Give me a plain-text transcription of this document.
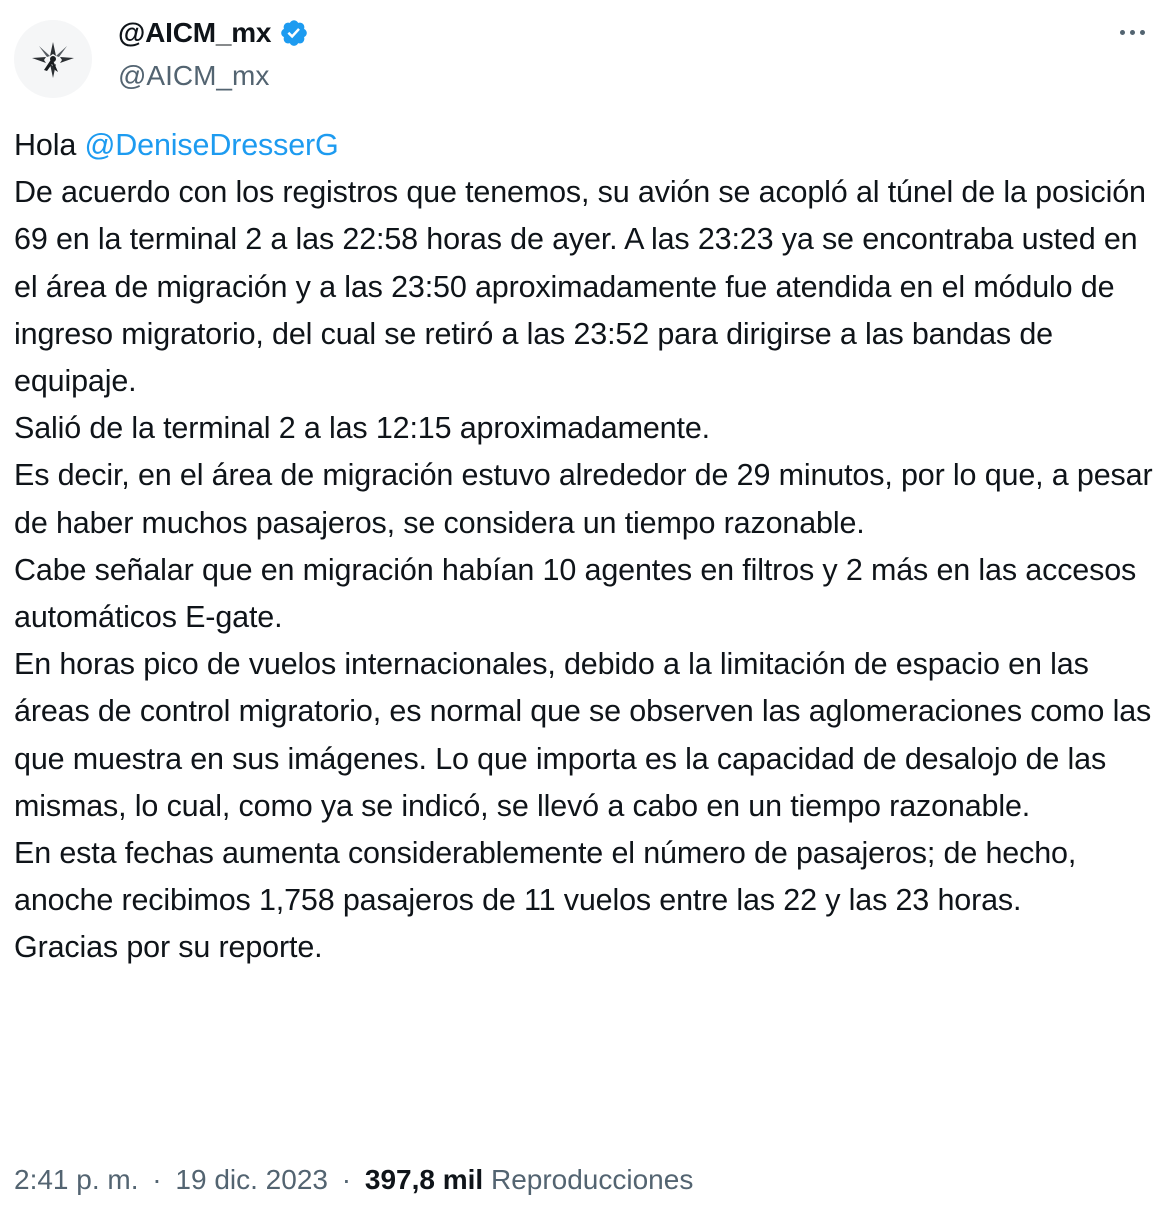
@AICM_mx
@AICM_mx

Hola @DeniseDresserG

De acuerdo con los registros que tenemos, su avión se acopló al túnel de la posición 69 en la terminal 2 a las 22:58 horas de ayer. A las 23:23 ya se encontraba usted en el área de migración y a las 23:50 aproximadamente fue atendida en el módulo de ingreso migratorio, del cual se retiró a las 23:52 para dirigirse a las bandas de equipaje.

Salió de la terminal 2 a las 12:15 aproximadamente.

Es decir, en el área de migración estuvo alrededor de 29 minutos, por lo que, a pesar de haber muchos pasajeros, se considera un tiempo razonable.

Cabe señalar que en migración habían 10 agentes en filtros y 2 más en las accesos automáticos E-gate.

En horas pico de vuelos internacionales, debido a la limitación de espacio en las áreas de control migratorio, es normal que se observen las aglomeraciones como las que muestra en sus imágenes. Lo que importa es la capacidad de desalojo de las mismas, lo cual, como ya se indicó, se llevó a cabo en un tiempo razonable.

En esta fechas aumenta considerablemente el número de pasajeros; de hecho, anoche recibimos 1,758 pasajeros de 11 vuelos entre las 22 y las 23 horas.

Gracias por su reporte.

2:41 p. m. · 19 dic. 2023 · 397,8 mil Reproducciones
